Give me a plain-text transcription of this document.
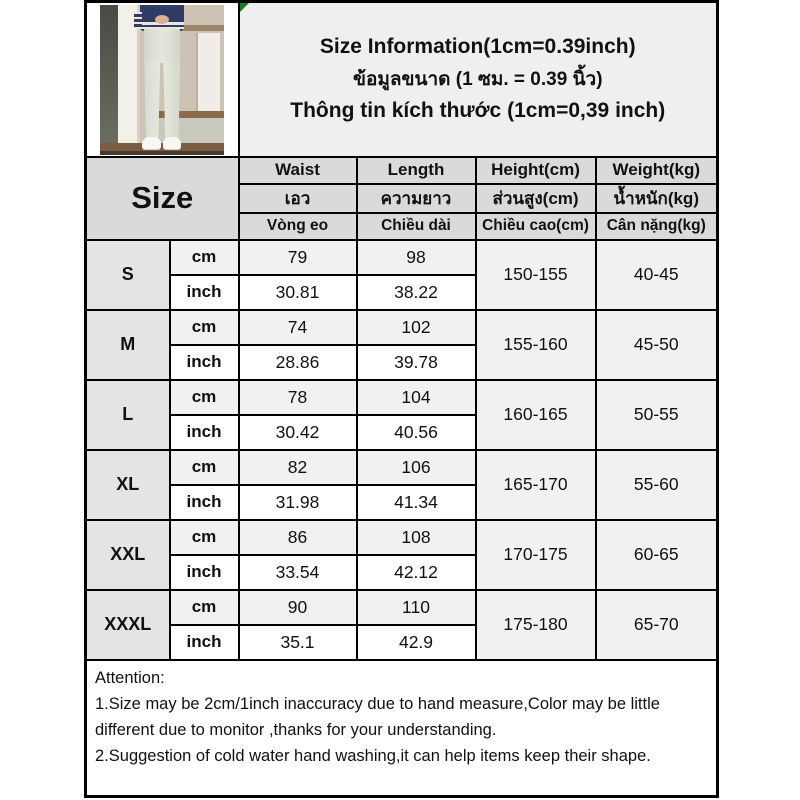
		Size Information(1cm=0.39inch)
ข้อมูลขนาด (1 ซม. = 0.39 นิ้ว)
Thông tin kích thước (1cm=0,39 inch)			

Size		Waist	Length	Height(cm)	Weight(kg)
		เอว	ความยาว	ส่วนสูง(cm)	น้ำหนัก(kg)
		Vòng eo	Chiều dài	Chiều cao(cm)	Cân nặng(kg)
S	cm	79	98	150-155	40-45
	inch	30.81	38.22		
M	cm	74	102	155-160	45-50
	inch	28.86	39.78		
L	cm	78	104	160-165	50-55
	inch	30.42	40.56		
XL	cm	82	106	165-170	55-60
	inch	31.98	41.34		
XXL	cm	86	108	170-175	60-65
	inch	33.54	42.12		
XXXL	cm	90	110	175-180	65-70
	inch	35.1	42.9		

Attention:
1.Size may be 2cm/1inch inaccuracy due to hand measure,Color may be little different due to monitor ,thanks for your understanding.
2.Suggestion of cold water hand washing,it can help items keep their shape.					
